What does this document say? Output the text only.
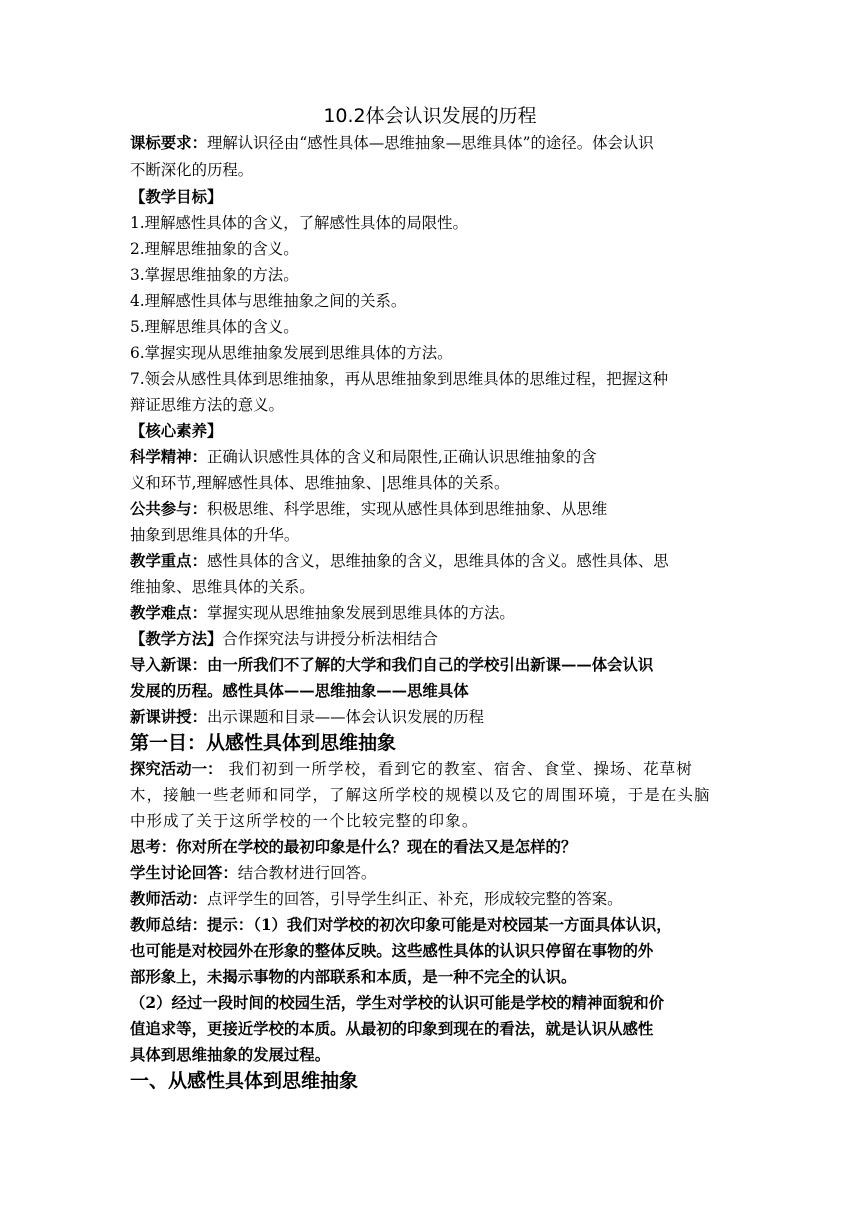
10.2体会认识发展的历程
课标要求：理解认识径由“感性具体—思维抽象—思维具体”的途径。体会认识
不断深化的历程。
【教学目标】
1.理解感性具体的含义，了解感性具体的局限性。
2.理解思维抽象的含义。
3.掌握思维抽象的方法。
4.理解感性具体与思维抽象之间的关系。
5.理解思维具体的含义。
6.掌握实现从思维抽象发展到思维具体的方法。
7.领会从感性具体到思维抽象，再从思维抽象到思维具体的思维过程，把握这种
辩证思维方法的意义。
【核心素养】
科学精神：正确认识感性具体的含义和局限性,正确认识思维抽象的含
义和环节,理解感性具体、思维抽象、|思维具体的关系。
公共参与：积极思维、科学思维，实现从感性具体到思维抽象、从思维
抽象到思维具体的升华。
教学重点：感性具体的含义，思维抽象的含义，思维具体的含义。感性具体、思
维抽象、思维具体的关系。
教学难点：掌握实现从思维抽象发展到思维具体的方法。
【教学方法】合作探究法与讲授分析法相结合
导入新课：由一所我们不了解的大学和我们自己的学校引出新课——体会认识
发展的历程。感性具体——思维抽象——思维具体
新课讲授：出示课题和目录——体会认识发展的历程
第一目：从感性具体到思维抽象
探究活动一： 我们初到一所学校，看到它的教室、宿舍、食堂、操场、花草树
木，接触一些老师和同学，了解这所学校的规模以及它的周围环境，于是在头脑
中形成了关于这所学校的一个比较完整的印象。
思考：你对所在学校的最初印象是什么？现在的看法又是怎样的？
学生讨论回答：结合教材进行回答。
教师活动：点评学生的回答，引导学生纠正、补充，形成较完整的答案。
教师总结：提示：（1）我们对学校的初次印象可能是对校园某一方面具体认识，
也可能是对校园外在形象的整体反映。这些感性具体的认识只停留在事物的外
部形象上，未揭示事物的内部联系和本质，是一种不完全的认识。
（2）经过一段时间的校园生活，学生对学校的认识可能是学校的精神面貌和价
值追求等，更接近学校的本质。从最初的印象到现在的看法，就是认识从感性
具体到思维抽象的发展过程。
一、从感性具体到思维抽象
